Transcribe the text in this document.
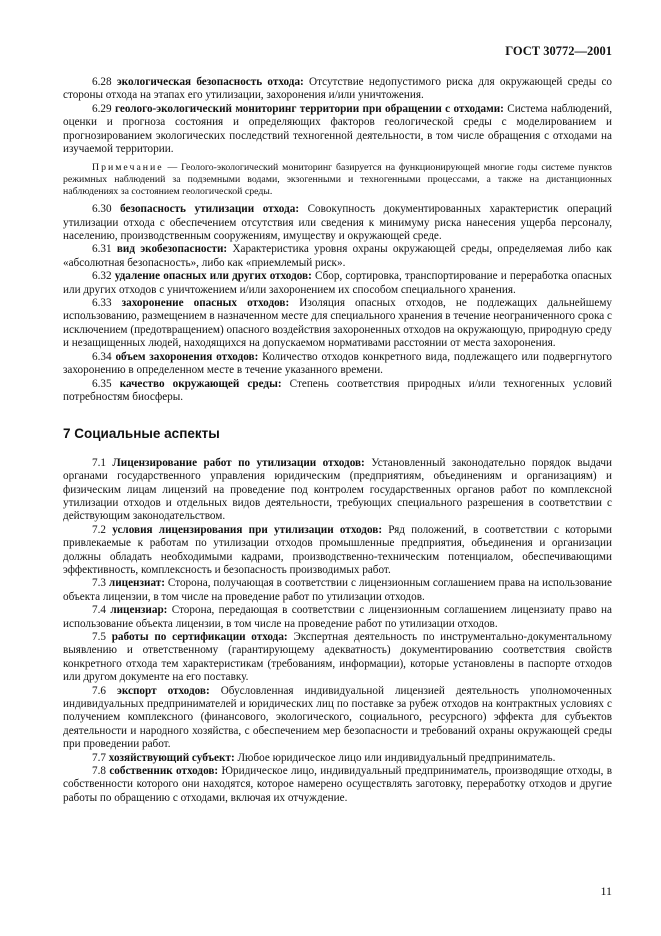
ГОСТ 30772—2001

6.28 экологическая безопасность отхода: Отсутствие недопустимого риска для окружающей среды со стороны отхода на этапах его утилизации, захоронения и/или уничтожения.

6.29 геолого-экологический мониторинг территории при обращении с отходами: Система наблюдений, оценки и прогноза состояния и определяющих факторов геологической среды с моделированием и прогнозированием экологических последствий техногенной деятельности, в том числе обращения с отходами на изучаемой территории.

Примечание — Геолого-экологический мониторинг базируется на функционирующей многие годы системе пунктов режимных наблюдений за подземными водами, экзогенными и техногенными процессами, а также на дистанционных наблюдениях за состоянием геологической среды.

6.30 безопасность утилизации отхода: Совокупность документированных характеристик операций утилизации отхода с обеспечением отсутствия или сведения к минимуму риска нанесения ущерба персоналу, населению, производственным сооружениям, имуществу и окружающей среде.

6.31 вид экобезопасности: Характеристика уровня охраны окружающей среды, определяемая либо как «абсолютная безопасность», либо как «приемлемый риск».

6.32 удаление опасных или других отходов: Сбор, сортировка, транспортирование и переработка опасных или других отходов с уничтожением и/или захоронением их способом специального хранения.

6.33 захоронение опасных отходов: Изоляция опасных отходов, не подлежащих дальнейшему использованию, размещением в назначенном месте для специального хранения в течение неограниченного срока с исключением (предотвращением) опасного воздействия захороненных отходов на окружающую, природную среду и незащищенных людей, находящихся на допускаемом нормативами расстоянии от места захоронения.

6.34 объем захоронения отходов: Количество отходов конкретного вида, подлежащего или подвергнутого захоронению в определенном месте в течение указанного времени.

6.35 качество окружающей среды: Степень соответствия природных и/или техногенных условий потребностям биосферы.

7 Социальные аспекты

7.1 Лицензирование работ по утилизации отходов: Установленный законодательно порядок выдачи органами государственного управления юридическим (предприятиям, объединениям и организациям) и физическим лицам лицензий на проведение под контролем государственных органов работ по комплексной утилизации отходов и отдельных видов деятельности, требующих специального разрешения в соответствии с действующим законодательством.

7.2 условия лицензирования при утилизации отходов: Ряд положений, в соответствии с которыми привлекаемые к работам по утилизации отходов промышленные предприятия, объединения и организации должны обладать необходимыми кадрами, производственно-техническим потенциалом, обеспечивающими эффективность, комплексность и безопасность производимых работ.

7.3 лицензиат: Сторона, получающая в соответствии с лицензионным соглашением права на использование объекта лицензии, в том числе на проведение работ по утилизации отходов.

7.4 лицензиар: Сторона, передающая в соответствии с лицензионным соглашением лицензиату право на использование объекта лицензии, в том числе на проведение работ по утилизации отходов.

7.5 работы по сертификации отхода: Экспертная деятельность по инструментально-документальному выявлению и ответственному (гарантирующему адекватность) документированию соответствия свойств конкретного отхода тем характеристикам (требованиям, информации), которые установлены в паспорте отходов или другом документе на его поставку.

7.6 экспорт отходов: Обусловленная индивидуальной лицензией деятельность уполномоченных индивидуальных предпринимателей и юридических лиц по поставке за рубеж отходов на контрактных условиях с получением комплексного (финансового, экологического, социального, ресурсного) эффекта для субъектов деятельности и народного хозяйства, с обеспечением мер безопасности и требований охраны окружающей среды при проведении работ.

7.7 хозяйствующий субъект: Любое юридическое лицо или индивидуальный предприниматель.

7.8 собственник отходов: Юридическое лицо, индивидуальный предприниматель, производящие отходы, в собственности которого они находятся, которое намерено осуществлять заготовку, переработку отходов и другие работы по обращению с отходами, включая их отчуждение.

11
